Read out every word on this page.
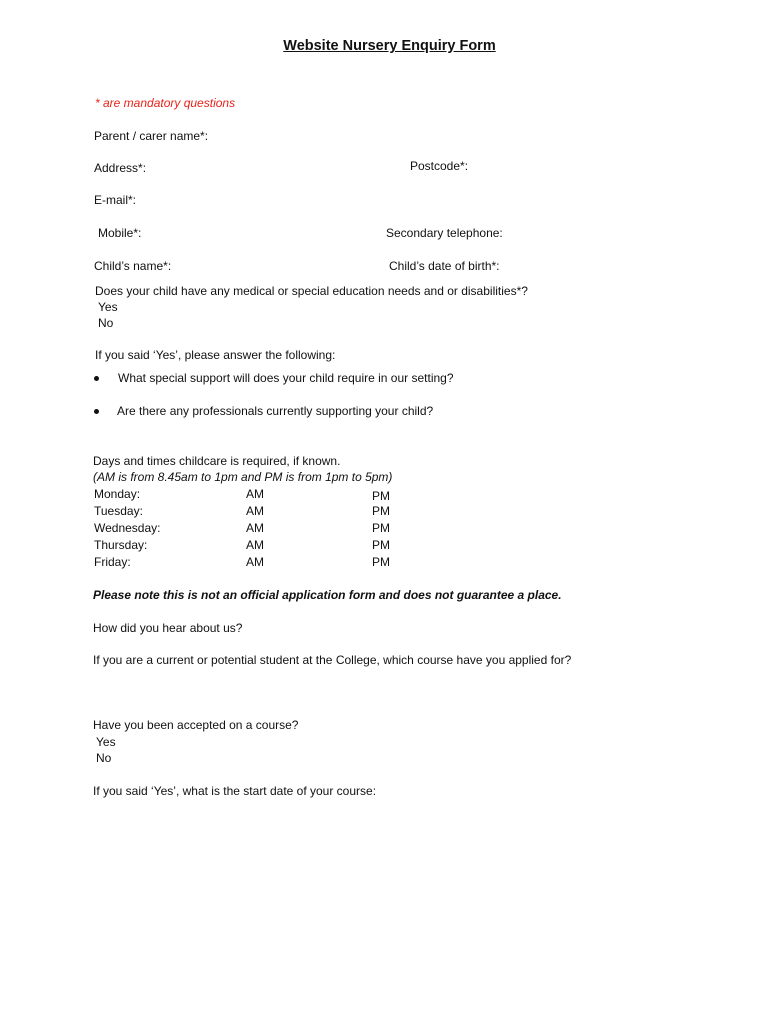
Website Nursery Enquiry Form
* are mandatory questions
Parent / carer name*:
Address*:	Postcode*:
E-mail*:
Mobile*:	Secondary telephone:
Child’s name*:	Child’s date of birth*:
Does your child have any medical or special education needs and or disabilities*?
Yes
No
If you said ‘Yes’, please answer the following:
What special support will does your child require in our setting?
Are there any professionals currently supporting your child?
Days and times childcare is required, if known.
(AM is from 8.45am to 1pm and PM is from 1pm to 5pm)
Monday:	AM	PM
Tuesday:	AM	PM
Wednesday:	AM	PM
Thursday:	AM	PM
Friday:	AM	PM
Please note this is not an official application form and does not guarantee a place.
How did you hear about us?
If you are a current or potential student at the College, which course have you applied for?
Have you been accepted on a course?
Yes
No
If you said ‘Yes’, what is the start date of your course:
